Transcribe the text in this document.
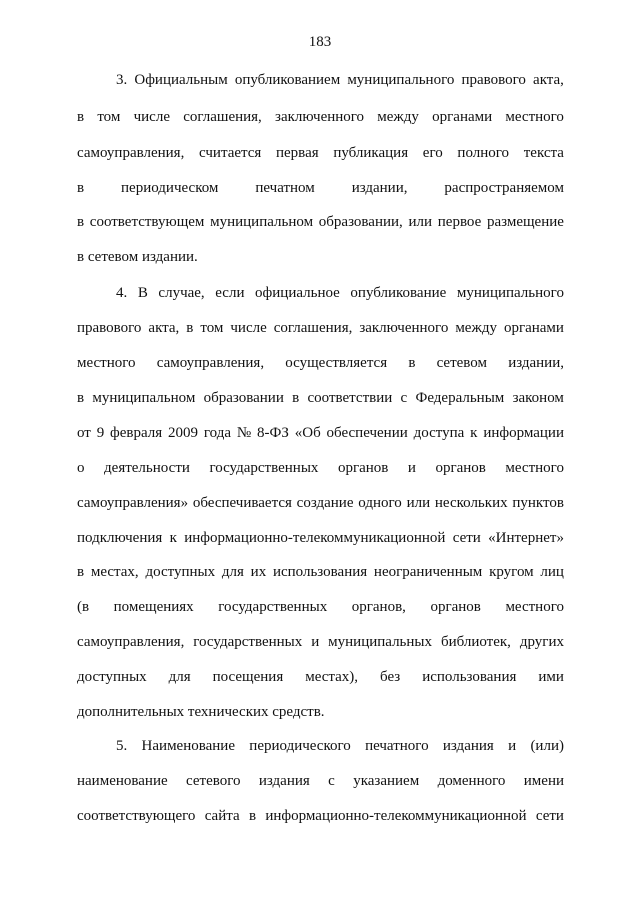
183
3. Официальным опубликованием муниципального правового акта,
в том числе соглашения, заключенного между органами местного
самоуправления, считается первая публикация его полного текста
в периодическом печатном издании, распространяемом
в соответствующем муниципальном образовании, или первое размещение
в сетевом издании.
4. В случае, если официальное опубликование муниципального
правового акта, в том числе соглашения, заключенного между органами
местного самоуправления, осуществляется в сетевом издании,
в муниципальном образовании в соответствии с Федеральным законом
от 9 февраля 2009 года № 8-ФЗ «Об обеспечении доступа к информации
о деятельности государственных органов и органов местного
самоуправления» обеспечивается создание одного или нескольких пунктов
подключения к информационно-телекоммуникационной сети «Интернет»
в местах, доступных для их использования неограниченным кругом лиц
(в помещениях государственных органов, органов местного
самоуправления, государственных и муниципальных библиотек, других
доступных для посещения местах), без использования ими
дополнительных технических средств.
5. Наименование периодического печатного издания и (или)
наименование сетевого издания с указанием доменного имени
соответствующего сайта в информационно-телекоммуникационной сети
